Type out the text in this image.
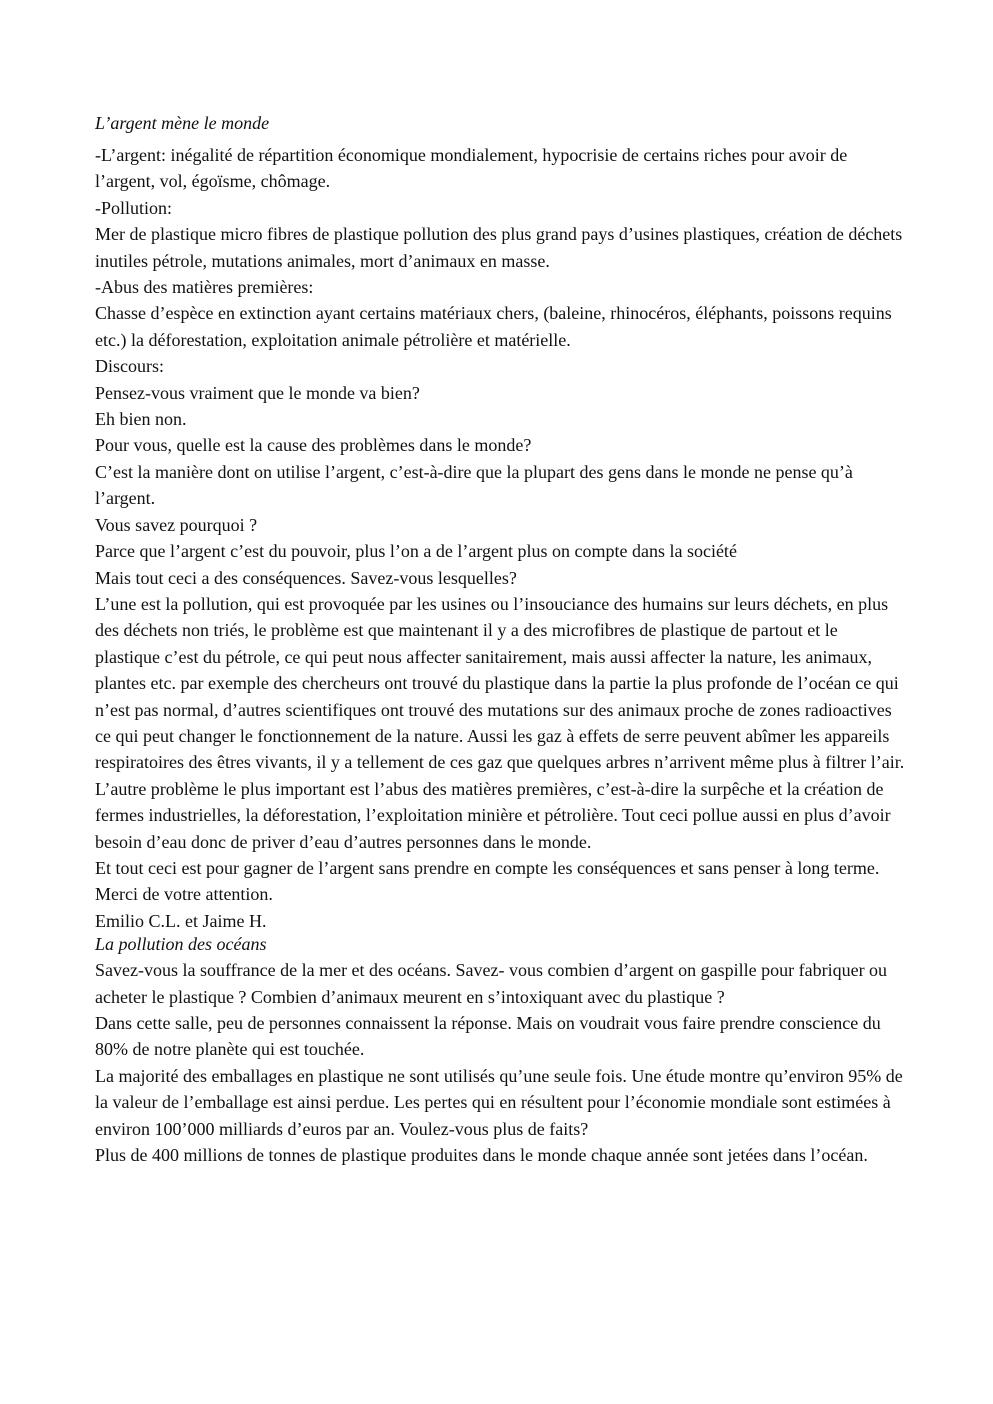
L’argent mène le monde

-L’argent: inégalité de répartition économique mondialement, hypocrisie de certains riches pour avoir de l’argent, vol, égoïsme, chômage.

-Pollution:

Mer de plastique micro fibres de plastique pollution des plus grand pays d’usines plastiques, création de déchets inutiles pétrole, mutations animales, mort d’animaux en masse.

-Abus des matières premières:

Chasse d’espèce en extinction ayant certains matériaux chers, (baleine, rhinocéros, éléphants, poissons requins etc.) la déforestation, exploitation animale pétrolière et matérielle.

Discours:

Pensez-vous vraiment que le monde va bien?

Eh bien non.

Pour vous, quelle est la cause des problèmes dans le monde?

C’est la manière dont on utilise l’argent, c’est-à-dire que la plupart des gens dans le monde ne pense qu’à l’argent.

Vous savez pourquoi ?

Parce que l’argent c’est du pouvoir, plus l’on a de l’argent plus on compte dans la société

Mais tout ceci a des conséquences. Savez-vous lesquelles?

L’une est la pollution, qui est provoquée par les usines ou l’insouciance des humains sur leurs déchets, en plus des déchets non triés, le problème est que maintenant il y a des microfibres de plastique de partout et le plastique c’est du pétrole, ce qui peut nous affecter sanitairement, mais aussi affecter la nature, les animaux, plantes etc. par exemple des chercheurs ont trouvé du plastique dans la partie la plus profonde de l’océan ce qui n’est pas normal, d’autres scientifiques ont trouvé des mutations sur des animaux proche de zones radioactives ce qui peut changer le fonctionnement de la nature. Aussi les gaz à effets de serre peuvent abîmer les appareils respiratoires des êtres vivants, il y a tellement de ces gaz que quelques arbres n’arrivent même plus à filtrer l’air.

L’autre problème le plus important est l’abus des matières premières, c’est-à-dire la surpêche et la création de fermes industrielles, la déforestation, l’exploitation minière et pétrolière. Tout ceci pollue aussi en plus d’avoir besoin d’eau donc de priver d’eau d’autres personnes dans le monde.

Et tout ceci est pour gagner de l’argent sans prendre en compte les conséquences et sans penser à long terme.

Merci de votre attention.

Emilio C.L. et Jaime H.

La pollution des océans

Savez-vous la souffrance de la mer et des océans. Savez- vous combien d’argent on gaspille pour fabriquer ou acheter le plastique ? Combien d’animaux meurent en s’intoxiquant avec du plastique ?

Dans cette salle, peu de personnes connaissent la réponse. Mais on voudrait vous faire prendre conscience du 80% de notre planète qui est touchée.

La majorité des emballages en plastique ne sont utilisés qu’une seule fois. Une étude montre qu’environ 95% de la valeur de l’emballage est ainsi perdue. Les pertes qui en résultent pour l’économie mondiale sont estimées à environ 100’000 milliards d’euros par an. Voulez-vous plus de faits?

Plus de 400 millions de tonnes de plastique produites dans le monde chaque année sont jetées dans l’océan.
